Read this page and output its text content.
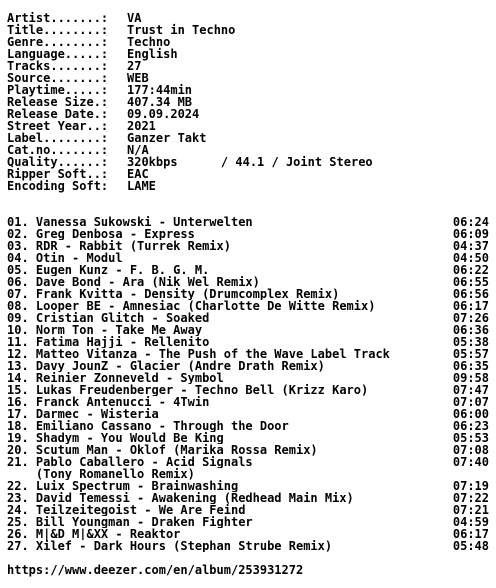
Artist.......:	VA
Title........:	Trust in Techno
Genre........:	Techno
Language.....:	English
Tracks.......:	27
Source.......:	WEB
Playtime.....:	177:44min
Release Size.:	407.34 MB
Release Date.:	09.09.2024
Street Year..:	2021
Label........:	Ganzer Takt
Cat.no.......:	N/A
Quality......:	320kbps      / 44.1 / Joint Stereo
Ripper Soft..:	EAC
Encoding Soft:	LAME
01. Vanessa Sukowski - Unterwelten	06:24
02. Greg Denbosa - Express	06:09
03. RDR - Rabbit (Turrek Remix)	04:37
04. Otin - Modul	04:50
05. Eugen Kunz - F. B. G. M.	06:22
06. Dave Bond - Ara (Nik Wel Remix)	06:55
07. Frank Kvitta - Density (Drumcomplex Remix)	06:56
08. Looper BE - Amnesiac (Charlotte De Witte Remix)	06:17
09. Cristian Glitch - Soaked	07:26
10. Norm Ton - Take Me Away	06:36
11. Fatima Hajji - Rellenito	05:38
12. Matteo Vitanza - The Push of the Wave Label Track	05:57
13. Davy JounZ - Glacier (Andre Drath Remix)	06:35
14. Reinier Zonneveld - Symbol	09:58
15. Lukas Freudenberger - Techno Bell (Krizz Karo)	07:47
16. Franck Antenucci - 4Twin	07:07
17. Darmec - Wisteria	06:00
18. Emiliano Cassano - Through the Door	06:23
19. Shadym - You Would Be King	05:53
20. Scutum Man - Oklof (Marika Rossa Remix)	07:08
21. Pablo Caballero - Acid Signals	07:40
(Tony Romanello Remix)
22. Luix Spectrum - Brainwashing	07:19
23. David Temessi - Awakening (Redhead Main Mix)	07:22
24. Teilzeitegoist - We Are Feind	07:21
25. Bill Youngman - Draken Fighter	04:59
26. M|&D M|&XX - Reaktor	06:17
27. Xilef - Dark Hours (Stephan Strube Remix)	05:48
https://www.deezer.com/en/album/253931272
